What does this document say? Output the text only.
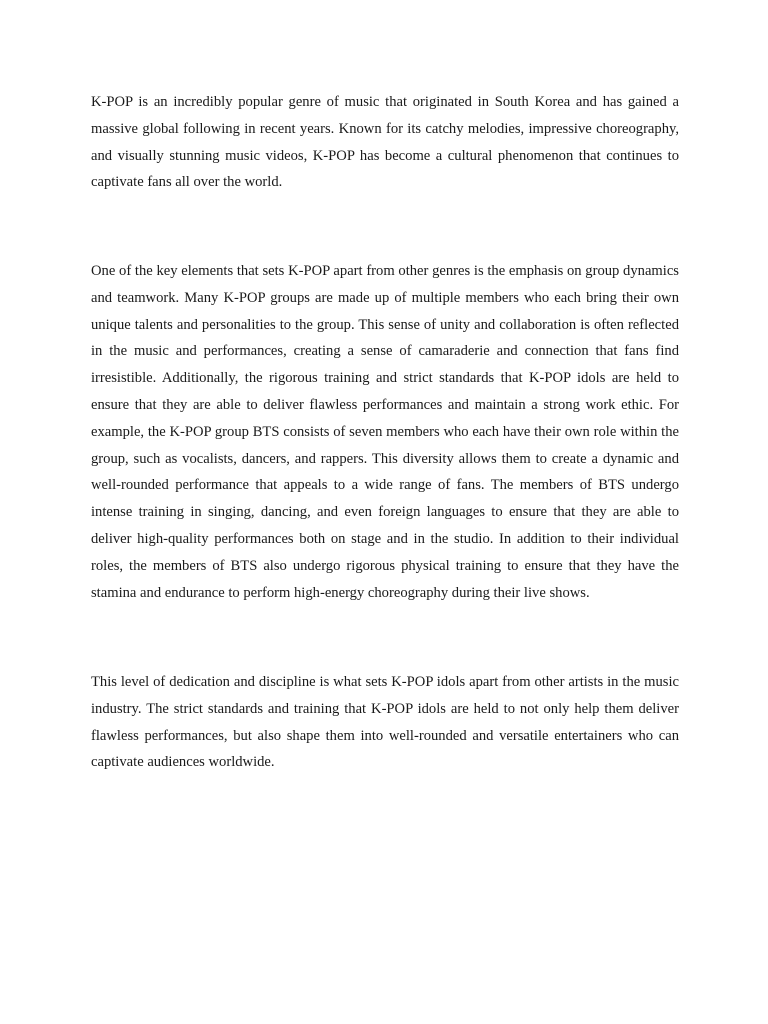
K-POP is an incredibly popular genre of music that originated in South Korea and has gained a massive global following in recent years. Known for its catchy melodies, impressive choreography, and visually stunning music videos, K-POP has become a cultural phenomenon that continues to captivate fans all over the world.

One of the key elements that sets K-POP apart from other genres is the emphasis on group dynamics and teamwork. Many K-POP groups are made up of multiple members who each bring their own unique talents and personalities to the group. This sense of unity and collaboration is often reflected in the music and performances, creating a sense of camaraderie and connection that fans find irresistible. Additionally, the rigorous training and strict standards that K-POP idols are held to ensure that they are able to deliver flawless performances and maintain a strong work ethic. For example, the K-POP group BTS consists of seven members who each have their own role within the group, such as vocalists, dancers, and rappers. This diversity allows them to create a dynamic and well-rounded performance that appeals to a wide range of fans. The members of BTS undergo intense training in singing, dancing, and even foreign languages to ensure that they are able to deliver high-quality performances both on stage and in the studio. In addition to their individual roles, the members of BTS also undergo rigorous physical training to ensure that they have the stamina and endurance to perform high-energy choreography during their live shows.

This level of dedication and discipline is what sets K-POP idols apart from other artists in the music industry. The strict standards and training that K-POP idols are held to not only help them deliver flawless performances, but also shape them into well-rounded and versatile entertainers who can captivate audiences worldwide.
